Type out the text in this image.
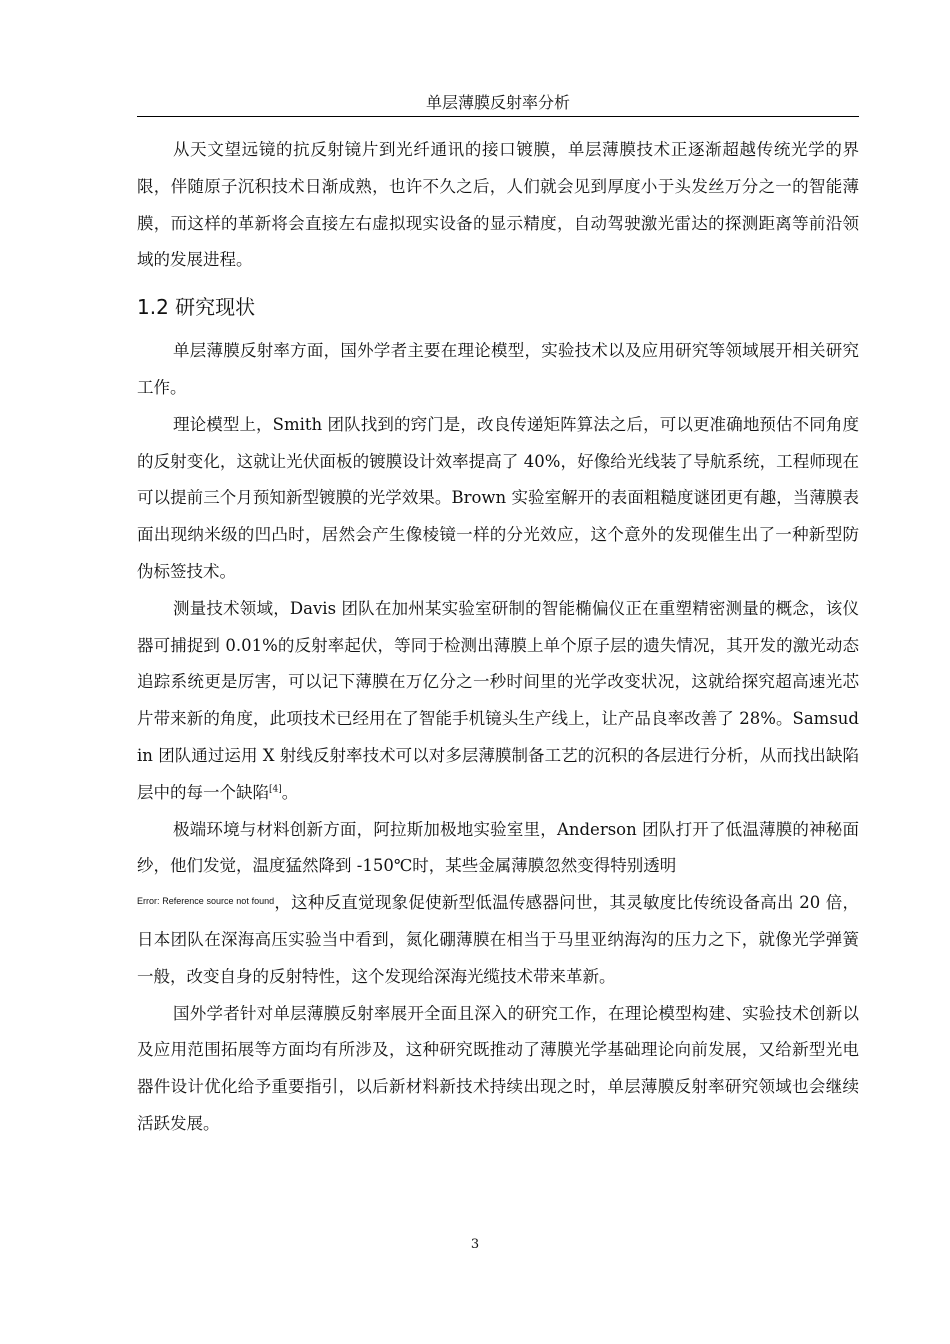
单层薄膜反射率分析

从天文望远镜的抗反射镜片到光纤通讯的接口镀膜，单层薄膜技术正逐渐超越传统光学的界限，伴随原子沉积技术日渐成熟，也许不久之后，人们就会见到厚度小于头发丝万分之一的智能薄膜，而这样的革新将会直接左右虚拟现实设备的显示精度，自动驾驶激光雷达的探测距离等前沿领域的发展进程。

1.2 研究现状

单层薄膜反射率方面，国外学者主要在理论模型，实验技术以及应用研究等领域展开相关研究工作。

理论模型上，Smith 团队找到的窍门是，改良传递矩阵算法之后，可以更准确地预估不同角度的反射变化，这就让光伏面板的镀膜设计效率提高了 40%，好像给光线装了导航系统，工程师现在可以提前三个月预知新型镀膜的光学效果。Brown 实验室解开的表面粗糙度谜团更有趣，当薄膜表面出现纳米级的凹凸时，居然会产生像棱镜一样的分光效应，这个意外的发现催生出了一种新型防伪标签技术。

测量技术领域，Davis 团队在加州某实验室研制的智能椭偏仪正在重塑精密测量的概念，该仪器可捕捉到 0.01%的反射率起伏，等同于检测出薄膜上单个原子层的遗失情况，其开发的激光动态追踪系统更是厉害，可以记下薄膜在万亿分之一秒时间里的光学改变状况，这就给探究超高速光芯片带来新的角度，此项技术已经用在了智能手机镜头生产线上，让产品良率改善了 28%。Samsudin 团队通过运用 X 射线反射率技术可以对多层薄膜制备工艺的沉积的各层进行分析，从而找出缺陷层中的每一个缺陷[4]。

极端环境与材料创新方面，阿拉斯加极地实验室里，Anderson 团队打开了低温薄膜的神秘面纱，他们发觉，温度猛然降到 -150℃时，某些金属薄膜忽然变得特别透明
$^{Error: Reference source not found}$，这种反直觉现象促使新型低温传感器问世，其灵敏度比传统设备高出 20 倍，日本团队在深海高压实验当中看到，氮化硼薄膜在相当于马里亚纳海沟的压力之下，就像光学弹簧一般，改变自身的反射特性，这个发现给深海光缆技术带来革新。

国外学者针对单层薄膜反射率展开全面且深入的研究工作，在理论模型构建、实验技术创新以及应用范围拓展等方面均有所涉及，这种研究既推动了薄膜光学基础理论向前发展，又给新型光电器件设计优化给予重要指引，以后新材料新技术持续出现之时，单层薄膜反射率研究领域也会继续活跃发展。

3
